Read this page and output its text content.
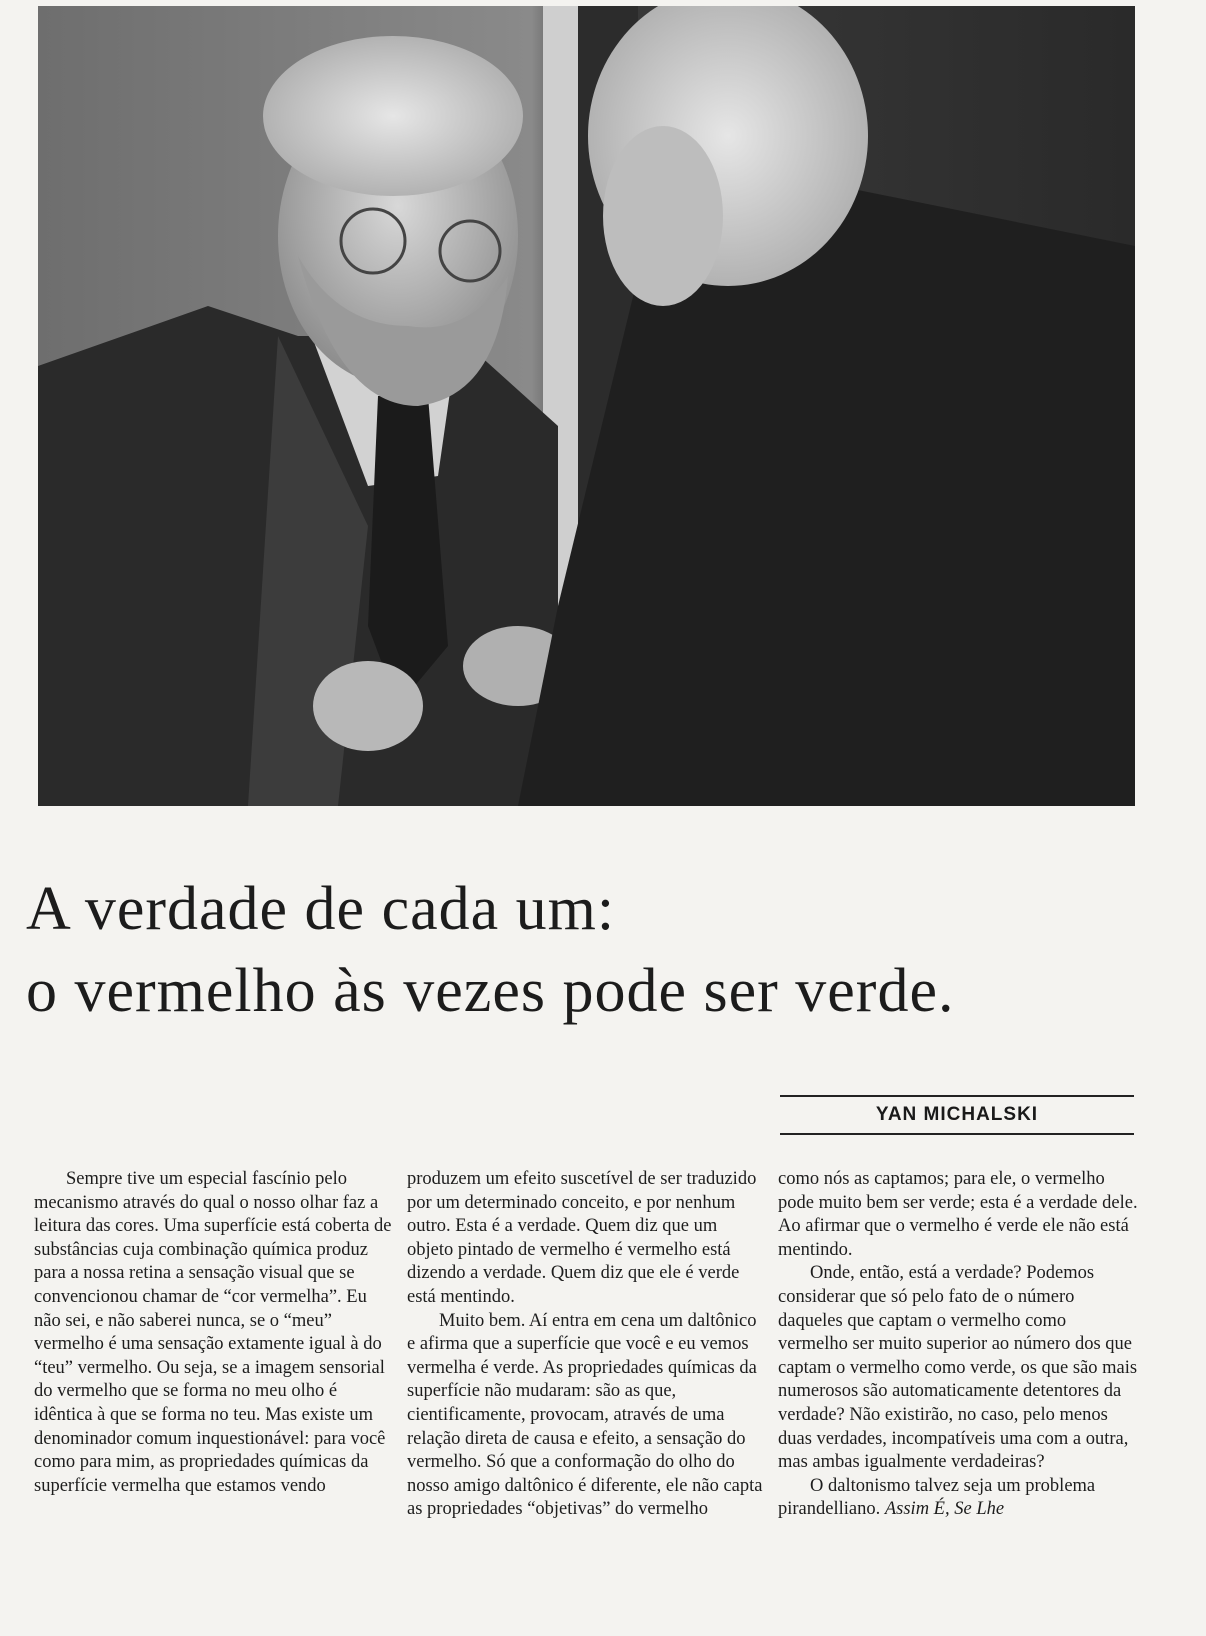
A verdade de cada um:
o vermelho às vezes pode ser verde.
YAN MICHALSKI

Sempre tive um especial fascínio pelo mecanismo através do qual o nosso olhar faz a leitura das cores. Uma superfície está coberta de substâncias cuja combinação química produz para a nossa retina a sensação visual que se convencionou chamar de “cor vermelha”. Eu não sei, e não saberei nunca, se o “meu” vermelho é uma sensação extamente igual à do “teu” vermelho. Ou seja, se a imagem sensorial do vermelho que se forma no meu olho é idêntica à que se forma no teu. Mas existe um denominador comum inquestionável: para você como para mim, as propriedades químicas da superfície vermelha que estamos vendo

produzem um efeito suscetível de ser traduzido por um determinado conceito, e por nenhum outro. Esta é a verdade. Quem diz que um objeto pintado de vermelho é vermelho está dizendo a verdade. Quem diz que ele é verde está mentindo.

Muito bem. Aí entra em cena um daltônico e afirma que a superfície que você e eu vemos vermelha é verde. As propriedades químicas da superfície não mudaram: são as que, cientificamente, provocam, através de uma relação direta de causa e efeito, a sensação do vermelho. Só que a conformação do olho do nosso amigo daltônico é diferente, ele não capta as propriedades “objetivas” do vermelho

como nós as captamos; para ele, o vermelho pode muito bem ser verde; esta é a verdade dele. Ao afirmar que o vermelho é verde ele não está mentindo.

Onde, então, está a verdade? Podemos considerar que só pelo fato de o número daqueles que captam o vermelho como vermelho ser muito superior ao número dos que captam o vermelho como verde, os que são mais numerosos são automaticamente detentores da verdade? Não existirão, no caso, pelo menos duas verdades, incompatíveis uma com a outra, mas ambas igualmente verdadeiras?

O daltonismo talvez seja um problema pirandelliano. Assim É, Se Lhe
